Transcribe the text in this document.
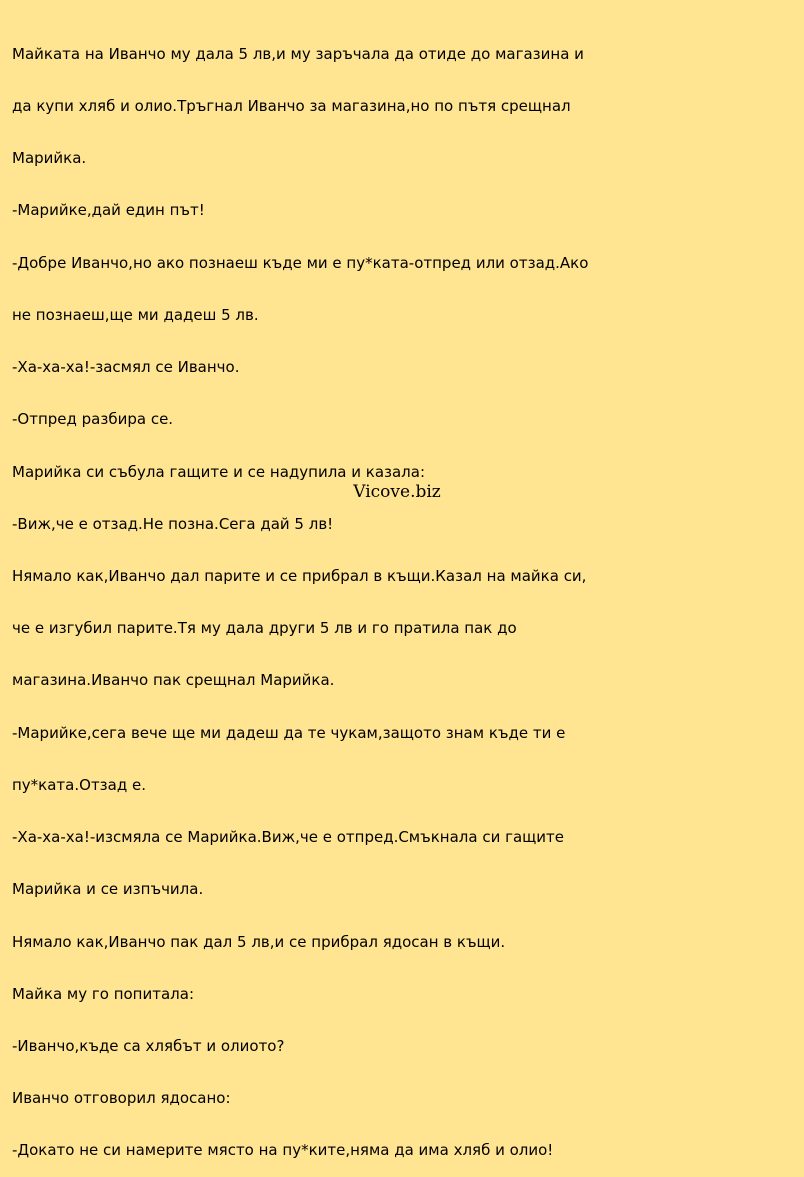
Майката на Иванчо му дала 5 лв,и му заръчала да отиде до магазина и

да купи хляб и олио.Тръгнал Иванчо за магазина,но по пътя срещнал

Марийка.

-Марийке,дай един път!

-Добре Иванчо,но ако познаеш къде ми е пу*ката-отпред или отзад.Ако

не познаеш,ще ми дадеш 5 лв.

-Ха-ха-ха!-засмял се Иванчо.

-Отпред разбира се.

Марийка си събула гащите и се надупила и казала:

-Виж,че е отзад.Не позна.Сега дай 5 лв!

Нямало как,Иванчо дал парите и се прибрал в къщи.Казал на майка си,

че е изгубил парите.Тя му дала други 5 лв и го пратила пак до

магазина.Иванчо пак срещнал Марийка.

-Марийке,сега вече ще ми дадеш да те чукам,защото знам къде ти е

пу*ката.Отзад е.

-Ха-ха-ха!-изсмяла се Марийка.Виж,че е отпред.Смъкнала си гащите

Марийка и се изпъчила.

Нямало как,Иванчо пак дал 5 лв,и се прибрал ядосан в къщи.

Майка му го попитала:

-Иванчо,къде са хлябът и олиото?

Иванчо отговорил ядосано:

-Докато не си намерите място на пу*ките,няма да има хляб и олио!

Vicove.biz
